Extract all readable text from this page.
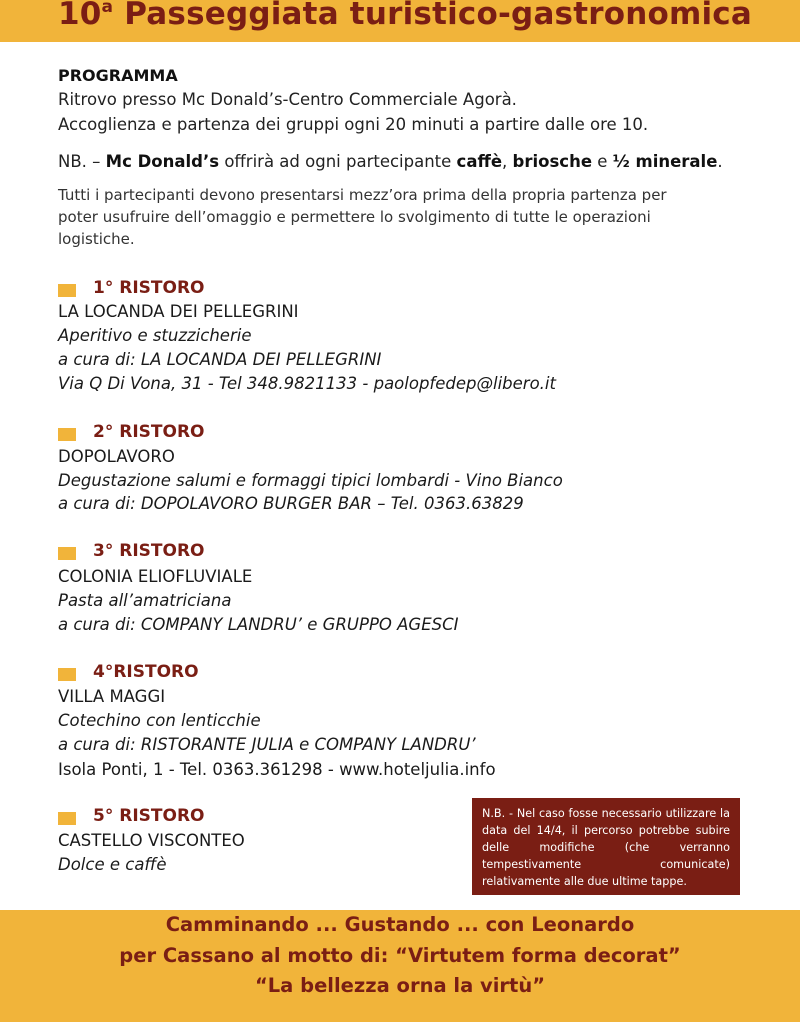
10$^a$ Passeggiata turistico-gastronomica
PROGRAMMA
Ritrovo presso Mc Donald’s-Centro Commerciale Agorà.
Accoglienza e partenza dei gruppi ogni 20 minuti a partire dalle ore 10.
NB. – Mc Donald’s offrirà ad ogni partecipante caffè, briosche e ½ minerale.
Tutti i partecipanti devono presentarsi mezz’ora prima della propria partenza per
poter usufruire dell’omaggio e permettere lo svolgimento di tutte le operazioni
logistiche.
1° RISTORO
LA LOCANDA DEI PELLEGRINI
Aperitivo e stuzzicherie
a cura di: LA LOCANDA DEI PELLEGRINI
Via Q Di Vona, 31 - Tel 348.9821133 - paolopfedep@libero.it
2° RISTORO
DOPOLAVORO
Degustazione salumi e formaggi tipici lombardi - Vino Bianco
a cura di: DOPOLAVORO BURGER BAR – Tel. 0363.63829
3° RISTORO
COLONIA ELIOFLUVIALE
Pasta all’amatriciana
a cura di: COMPANY LANDRU’ e GRUPPO AGESCI
4°RISTORO
VILLA MAGGI
Cotechino con lenticchie
a cura di: RISTORANTE JULIA e COMPANY LANDRU’
Isola Ponti, 1 - Tel. 0363.361298 - www.hoteljulia.info
5° RISTORO
CASTELLO VISCONTEO
Dolce e caffè
N.B. - Nel caso fosse necessario utilizzare la data del 14/4, il percorso potrebbe subire delle modifiche (che verranno tempestivamente comunicate) relativamente alle due ultime tappe.
Camminando ... Gustando ... con Leonardo
per Cassano al motto di: “Virtutem forma decorat”
“La bellezza orna la virtù”
